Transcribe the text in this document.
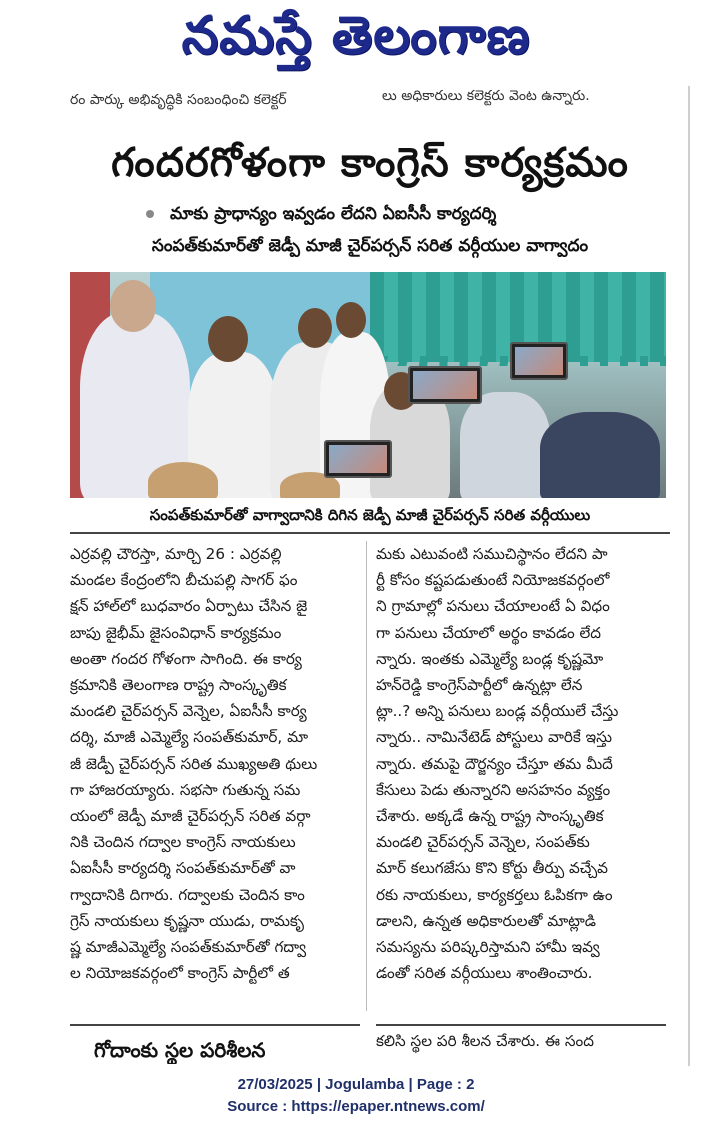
నమస్తే తెలంగాణ
రం పార్కు అభివృద్ధికి సంబంధించి కలెక్టర్	లు అధికారులు కలెక్టరు వెంట ఉన్నారు.
గందరగోళంగా కాంగ్రెస్ కార్యక్రమం
మాకు ప్రాధాన్యం ఇవ్వడం లేదని ఏఐసీసీ కార్యదర్శి
సంపత్‌కుమార్‌తో జెడ్పీ మాజీ చైర్‌పర్సన్ సరిత వర్గీయుల వాగ్వాదం
సంపత్‌కుమార్‌తో వాగ్వాదానికి దిగిన జెడ్పీ మాజీ చైర్‌పర్సన్ సరిత వర్గీయులు
ఎర్రవల్లి చౌరస్తా, మార్చి 26 : ఎర్రవల్లి
మండల కేంద్రంలోని బీచుపల్లి సాగర్ ఫం
క్షన్ హాల్‌లో బుధవారం ఏర్పాటు చేసిన జై
బాపు జైభీమ్ జైసంవిధాన్ కార్యక్రమం
అంతా గందర గోళంగా సాగింది. ఈ కార్య
క్రమానికి తెలంగాణ రాష్ట్ర సాంస్కృతిక
మండలి చైర్‌పర్సన్ వెన్నెల, ఏఐసీసీ కార్య
దర్శి, మాజీ ఎమ్మెల్యే సంపత్‌కుమార్, మా
జీ జెడ్పీ చైర్‌పర్సన్ సరిత ముఖ్యఅతి థులు
గా హాజరయ్యారు. సభసా గుతున్న సమ
యంలో జెడ్పీ మాజీ చైర్‌పర్సన్ సరిత వర్గా
నికి చెందిన గద్వాల కాంగ్రెస్ నాయకులు
ఏఐసీసీ కార్యదర్శి సంపత్‌కుమార్‌తో వా
గ్వాదానికి దిగారు. గద్వాలకు చెందిన కాం
గ్రెస్ నాయకులు కృష్ణనా యుడు, రామకృ
ష్ణ మాజీఎమ్మెల్యే సంపత్‌కుమార్‌తో గద్వా
ల నియోజకవర్గంలో కాంగ్రెస్ పార్టీలో త
మకు ఎటువంటి సముచిస్థానం లేదని పా
ర్టీ కోసం కష్టపడుతుంటే నియోజకవర్గంలో
ని గ్రామాల్లో పనులు చేయాలంటే ఏ విధం
గా పనులు చేయాలో అర్థం కావడం లేద
న్నారు. ఇంతకు ఎమ్మెల్యే బండ్ల కృష్ణమో
హన్‌రెడ్డి కాంగ్రెస్‌పార్టీలో ఉన్నట్లా లేన
ట్లా..? అన్ని పనులు బండ్ల వర్గీయులే చేస్తు
న్నారు.. నామినేటెడ్ పోస్టులు వారికే ఇస్తు
న్నారు. తమపై దౌర్జన్యం చేస్తూ తమ మీదే
కేసులు పెడు తున్నారని అసహనం వ్యక్తం
చేశారు. అక్కడే ఉన్న రాష్ట్ర సాంస్కృతిక
మండలి చైర్‌పర్సన్ వెన్నెల, సంపత్‌కు
మార్ కలుగజేసు కొని కోర్టు తీర్పు వచ్చేవ
రకు నాయకులు, కార్యకర్తలు ఓపికగా ఉం
డాలని, ఉన్నత అధికారులతో మాట్లాడి
సమస్యను పరిష్కరిస్తామని హామీ ఇవ్వ
డంతో సరిత వర్గీయులు శాంతించారు.
గోదాంకు స్థల పరిశీలన	కలిసి స్థల పరి శీలన చేశారు. ఈ సంద
27/03/2025 | Jogulamba | Page : 2
Source : https://epaper.ntnews.com/
